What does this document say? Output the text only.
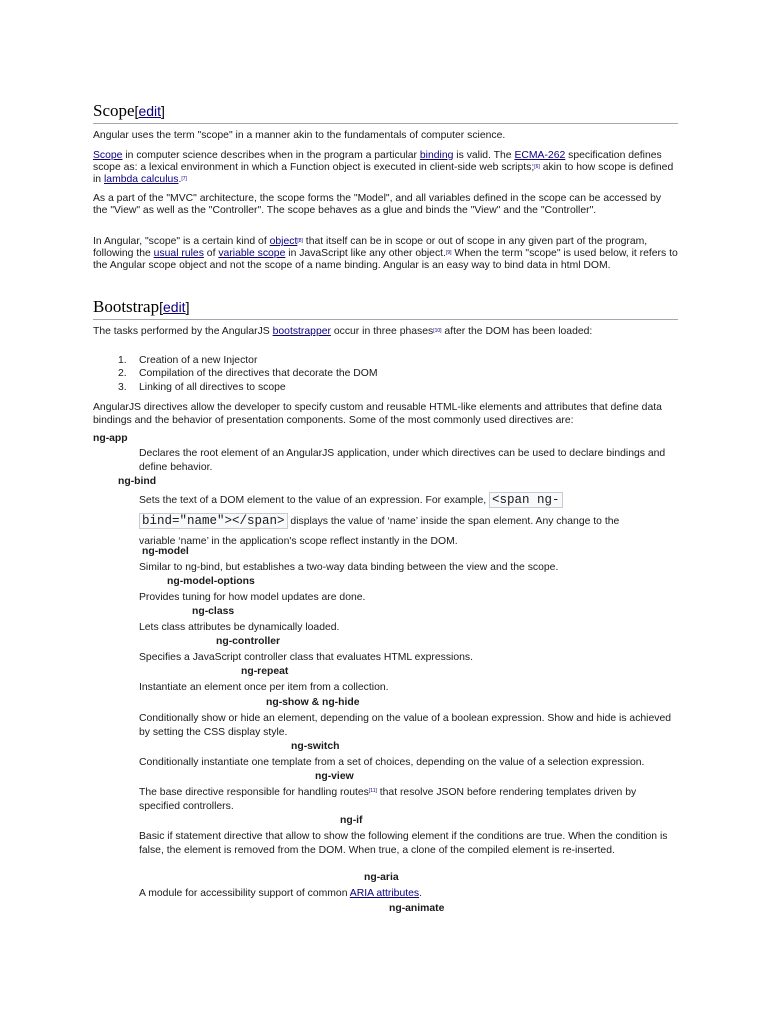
Scope[edit]
Angular uses the term "scope" in a manner akin to the fundamentals of computer science.
Scope in computer science describes when in the program a particular binding is valid. The ECMA-262 specification defines scope as: a lexical environment in which a Function object is executed in client-side web scripts;[6] akin to how scope is defined in lambda calculus.[7]
As a part of the "MVC" architecture, the scope forms the "Model", and all variables defined in the scope can be accessed by the "View" as well as the "Controller". The scope behaves as a glue and binds the "View" and the "Controller".
In Angular, "scope" is a certain kind of object[8] that itself can be in scope or out of scope in any given part of the program, following the usual rules of variable scope in JavaScript like any other object.[9] When the term "scope" is used below, it refers to the Angular scope object and not the scope of a name binding. Angular is an easy way to bind data in html DOM.
Bootstrap[edit]
The tasks performed by the AngularJS bootstrapper occur in three phases[10] after the DOM has been loaded:
1. Creation of a new Injector
2. Compilation of the directives that decorate the DOM
3. Linking of all directives to scope
AngularJS directives allow the developer to specify custom and reusable HTML-like elements and attributes that define data bindings and the behavior of presentation components. Some of the most commonly used directives are:
ng-app
Declares the root element of an AngularJS application, under which directives can be used to declare bindings and define behavior.
ng-bind
Sets the text of a DOM element to the value of an expression. For example, <span ng-
bind="name"></span> displays the value of ‘name’ inside the span element. Any change to the
variable ‘name’ in the application's scope reflect instantly in the DOM.
ng-model
Similar to ng-bind, but establishes a two-way data binding between the view and the scope.
ng-model-options
Provides tuning for how model updates are done.
ng-class
Lets class attributes be dynamically loaded.
ng-controller
Specifies a JavaScript controller class that evaluates HTML expressions.
ng-repeat
Instantiate an element once per item from a collection.
ng-show & ng-hide
Conditionally show or hide an element, depending on the value of a boolean expression. Show and hide is achieved by setting the CSS display style.
ng-switch
Conditionally instantiate one template from a set of choices, depending on the value of a selection expression.
ng-view
The base directive responsible for handling routes[11] that resolve JSON before rendering templates driven by specified controllers.
ng-if
Basic if statement directive that allow to show the following element if the conditions are true. When the condition is false, the element is removed from the DOM. When true, a clone of the compiled element is re-inserted.
ng-aria
A module for accessibility support of common ARIA attributes.
ng-animate
